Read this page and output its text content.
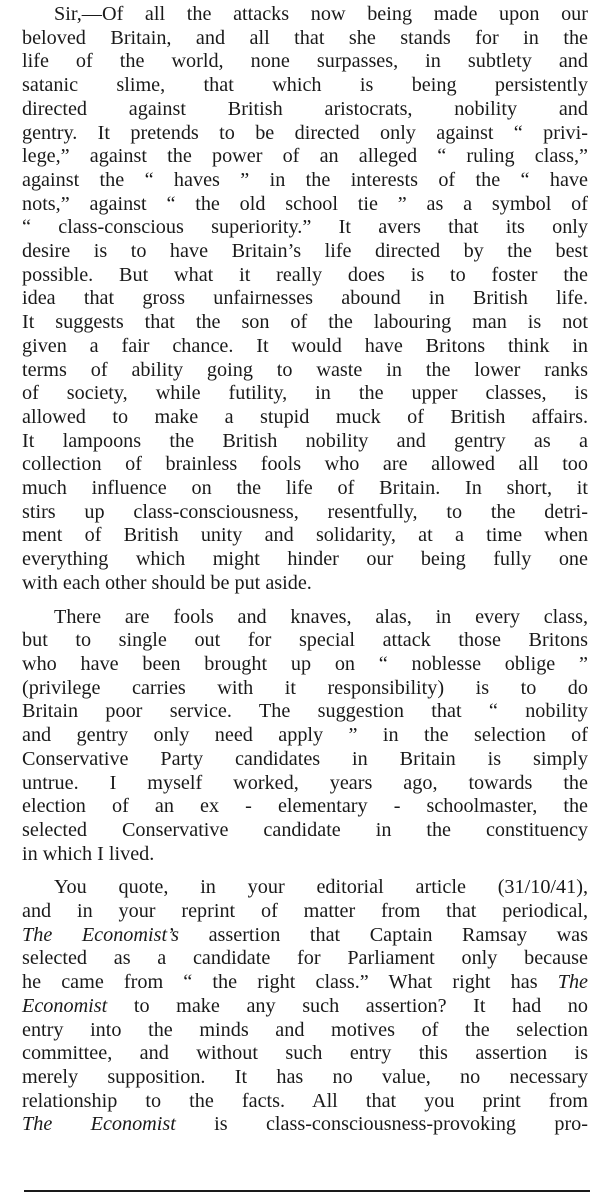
Sir,—Of all the attacks now being made upon our
beloved Britain, and all that she stands for in the
life of the world, none surpasses, in subtlety and
satanic slime, that which is being persistently
directed against British aristocrats, nobility and
gentry. It pretends to be directed only against “ privi-
lege,” against the power of an alleged “ ruling class,”
against the “ haves ” in the interests of the “ have
nots,” against “ the old school tie ” as a symbol of
“ class-conscious superiority.” It avers that its only
desire is to have Britain’s life directed by the best
possible. But what it really does is to foster the
idea that gross unfairnesses abound in British life.
It suggests that the son of the labouring man is not
given a fair chance. It would have Britons think in
terms of ability going to waste in the lower ranks
of society, while futility, in the upper classes, is
allowed to make a stupid muck of British affairs.
It lampoons the British nobility and gentry as a
collection of brainless fools who are allowed all too
much influence on the life of Britain. In short, it
stirs up class-consciousness, resentfully, to the detri-
ment of British unity and solidarity, at a time when
everything which might hinder our being fully one
with each other should be put aside.
There are fools and knaves, alas, in every class,
but to single out for special attack those Britons
who have been brought up on “ noblesse oblige ”
(privilege carries with it responsibility) is to do
Britain poor service. The suggestion that “ nobility
and gentry only need apply ” in the selection of
Conservative Party candidates in Britain is simply
untrue. I myself worked, years ago, towards the
election of an ex - elementary - schoolmaster, the
selected Conservative candidate in the constituency
in which I lived.
You quote, in your editorial article (31/10/41),
and in your reprint of matter from that periodical,
The Economist’s assertion that Captain Ramsay was
selected as a candidate for Parliament only because
he came from “ the right class.” What right has The
Economist to make any such assertion? It had no
entry into the minds and motives of the selection
committee, and without such entry this assertion is
merely supposition. It has no value, no necessary
relationship to the facts. All that you print from
The Economist is class-consciousness-provoking pro-
